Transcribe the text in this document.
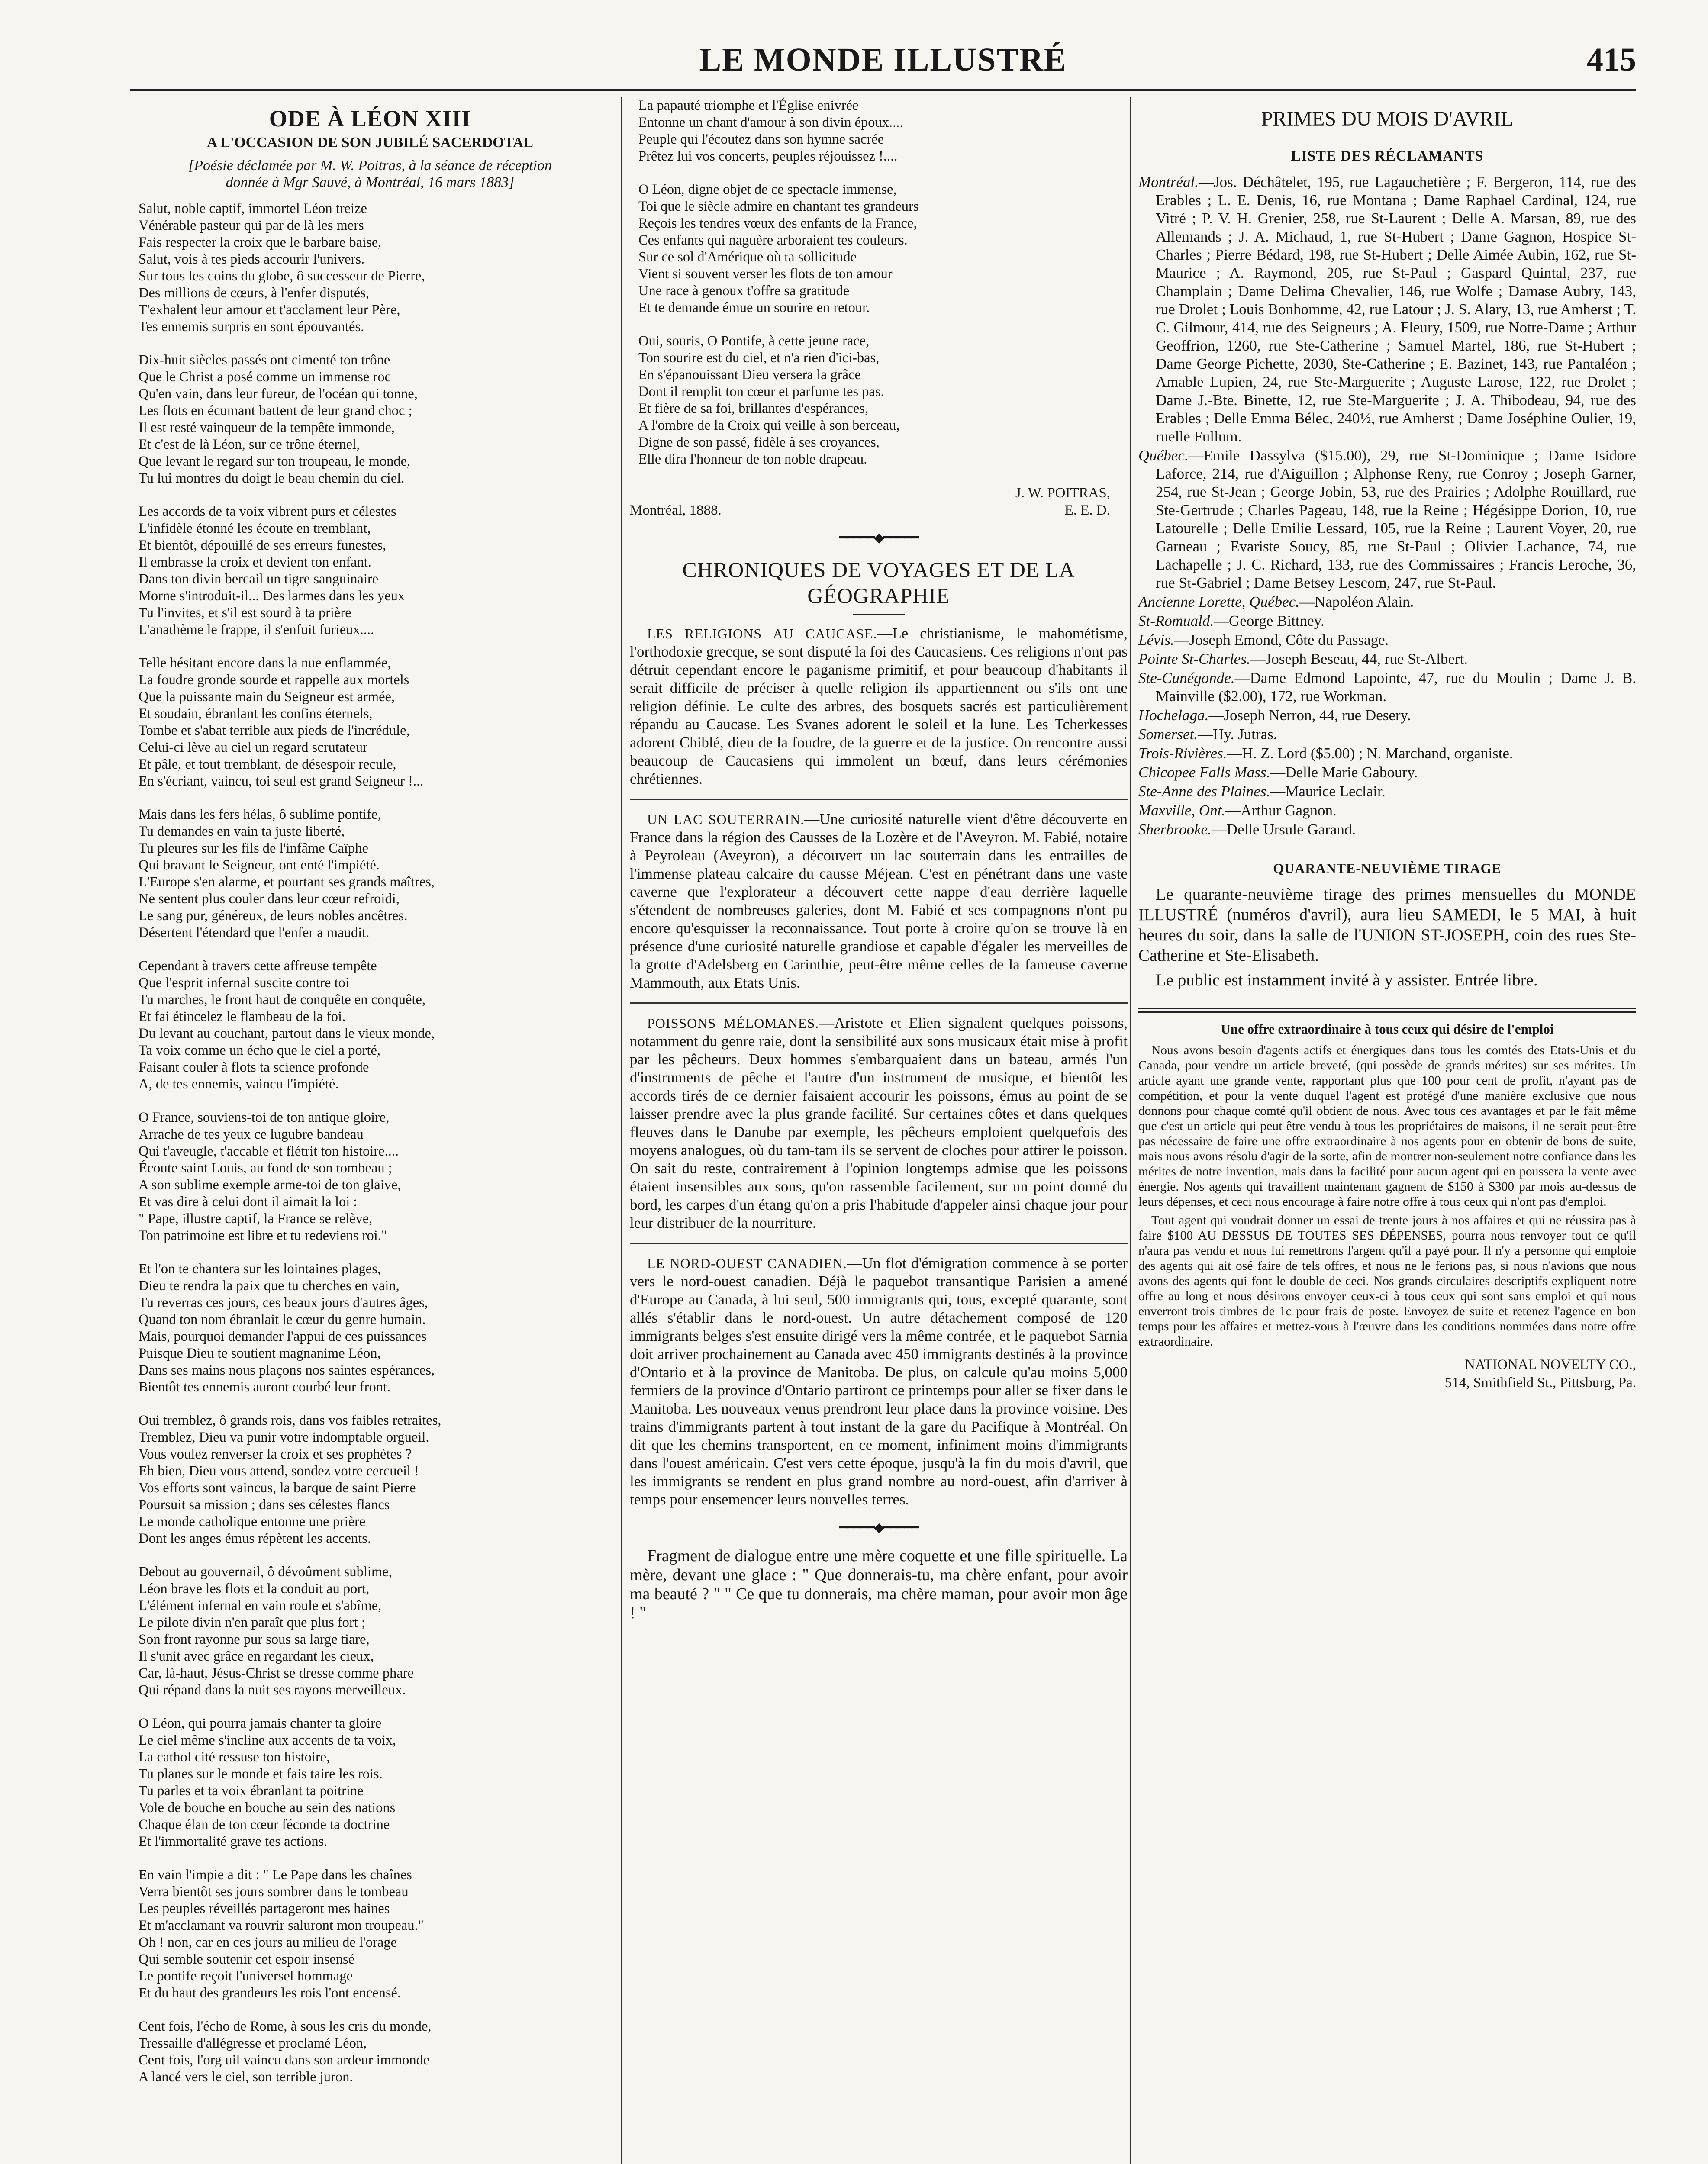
LE MONDE ILLUSTRÉ	415
ODE À LÉON XIII
A L'OCCASION DE SON JUBILÉ SACERDOTAL
[Poésie déclamée par M. W. Poitras, à la séance de réception
donnée à Mgr Sauvé, à Montréal, 16 mars 1883]
Salut, noble captif, immortel Léon treize
Vénérable pasteur qui par de là les mers
Fais respecter la croix que le barbare baise,
Salut, vois à tes pieds accourir l'univers.
Sur tous les coins du globe, ô successeur de Pierre,
Des millions de cœurs, à l'enfer disputés,
T'exhalent leur amour et t'acclament leur Père,
Tes ennemis surpris en sont épouvantés.
Dix-huit siècles passés ont cimenté ton trône
Que le Christ a posé comme un immense roc
Qu'en vain, dans leur fureur, de l'océan qui tonne,
Les flots en écumant battent de leur grand choc ;
Il est resté vainqueur de la tempête immonde,
Et c'est de là Léon, sur ce trône éternel,
Que levant le regard sur ton troupeau, le monde,
Tu lui montres du doigt le beau chemin du ciel.
Les accords de ta voix vibrent purs et célestes
L'infidèle étonné les écoute en tremblant,
Et bientôt, dépouillé de ses erreurs funestes,
Il embrasse la croix et devient ton enfant.
Dans ton divin bercail un tigre sanguinaire
Morne s'introduit-il... Des larmes dans les yeux
Tu l'invites, et s'il est sourd à ta prière
L'anathème le frappe, il s'enfuit furieux....
Telle hésitant encore dans la nue enflammée,
La foudre gronde sourde et rappelle aux mortels
Que la puissante main du Seigneur est armée,
Et soudain, ébranlant les confins éternels,
Tombe et s'abat terrible aux pieds de l'incrédule,
Celui-ci lève au ciel un regard scrutateur
Et pâle, et tout tremblant, de désespoir recule,
En s'écriant, vaincu, toi seul est grand Seigneur !...
Mais dans les fers hélas, ô sublime pontife,
Tu demandes en vain ta juste liberté,
Tu pleures sur les fils de l'infâme Caïphe
Qui bravant le Seigneur, ont enté l'impiété.
L'Europe s'en alarme, et pourtant ses grands maîtres,
Ne sentent plus couler dans leur cœur refroidi,
Le sang pur, généreux, de leurs nobles ancêtres.
Désertent l'étendard que l'enfer a maudit.
Cependant à travers cette affreuse tempête
Que l'esprit infernal suscite contre toi
Tu marches, le front haut de conquête en conquête,
Et fai étincelez le flambeau de la foi.
Du levant au couchant, partout dans le vieux monde,
Ta voix comme un écho que le ciel a porté,
Faisant couler à flots ta science profonde
A, de tes ennemis, vaincu l'impiété.
O France, souviens-toi de ton antique gloire,
Arrache de tes yeux ce lugubre bandeau
Qui t'aveugle, t'accable et flétrit ton histoire....
Écoute saint Louis, au fond de son tombeau ;
A son sublime exemple arme-toi de ton glaive,
Et vas dire à celui dont il aimait la loi :
" Pape, illustre captif, la France se relève,
Ton patrimoine est libre et tu redeviens roi."
Et l'on te chantera sur les lointaines plages,
Dieu te rendra la paix que tu cherches en vain,
Tu reverras ces jours, ces beaux jours d'autres âges,
Quand ton nom ébranlait le cœur du genre humain.
Mais, pourquoi demander l'appui de ces puissances
Puisque Dieu te soutient magnanime Léon,
Dans ses mains nous plaçons nos saintes espérances,
Bientôt tes ennemis auront courbé leur front.
Oui tremblez, ô grands rois, dans vos faibles retraites,
Tremblez, Dieu va punir votre indomptable orgueil.
Vous voulez renverser la croix et ses prophètes ?
Eh bien, Dieu vous attend, sondez votre cercueil !
Vos efforts sont vaincus, la barque de saint Pierre
Poursuit sa mission ; dans ses célestes flancs
Le monde catholique entonne une prière
Dont les anges émus répètent les accents.
Debout au gouvernail, ô dévoûment sublime,
Léon brave les flots et la conduit au port,
L'élément infernal en vain roule et s'abîme,
Le pilote divin n'en paraît que plus fort ;
Son front rayonne pur sous sa large tiare,
Il s'unit avec grâce en regardant les cieux,
Car, là-haut, Jésus-Christ se dresse comme phare
Qui répand dans la nuit ses rayons merveilleux.
O Léon, qui pourra jamais chanter ta gloire
Le ciel même s'incline aux accents de ta voix,
La cathol cité ressuse ton histoire,
Tu planes sur le monde et fais taire les rois.
Tu parles et ta voix ébranlant ta poitrine
Vole de bouche en bouche au sein des nations
Chaque élan de ton cœur féconde ta doctrine
Et l'immortalité grave tes actions.
En vain l'impie a dit : " Le Pape dans les chaînes
Verra bientôt ses jours sombrer dans le tombeau
Les peuples réveillés partageront mes haines
Et m'acclamant va rouvrir saluront mon troupeau."
Oh ! non, car en ces jours au milieu de l'orage
Qui semble soutenir cet espoir insensé
Le pontife reçoit l'universel hommage
Et du haut des grandeurs les rois l'ont encensé.
Cent fois, l'écho de Rome, à sous les cris du monde,
Tressaille d'allégresse et proclamé Léon,
Cent fois, l'org uil vaincu dans son ardeur immonde
A lancé vers le ciel, son terrible juron.
La papauté triomphe et l'Église enivrée
Entonne un chant d'amour à son divin époux....
Peuple qui l'écoutez dans son hymne sacrée
Prêtez lui vos concerts, peuples réjouissez !....
O Léon, digne objet de ce spectacle immense,
Toi que le siècle admire en chantant tes grandeurs
Reçois les tendres vœux des enfants de la France,
Ces enfants qui naguère arboraient tes couleurs.
Sur ce sol d'Amérique où ta sollicitude
Vient si souvent verser les flots de ton amour
Une race à genoux t'offre sa gratitude
Et te demande émue un sourire en retour.
Oui, souris, O Pontife, à cette jeune race,
Ton sourire est du ciel, et n'a rien d'ici-bas,
En s'épanouissant Dieu versera la grâce
Dont il remplit ton cœur et parfume tes pas.
Et fière de sa foi, brillantes d'espérances,
A l'ombre de la Croix qui veille à son berceau,
Digne de son passé, fidèle à ses croyances,
Elle dira l'honneur de ton noble drapeau.
J. W. POITRAS,
Montréal, 1888.	E. E. D.
━━━━━◆━━━━━
CHRONIQUES DE VOYAGES ET DE LA GÉOGRAPHIE
LES RELIGIONS AU CAUCASE.—Le christianisme, le mahométisme, l'orthodoxie grecque, se sont disputé la foi des Caucasiens. Ces religions n'ont pas détruit cependant encore le paganisme primitif, et pour beaucoup d'habitants il serait difficile de préciser à quelle religion ils appartiennent ou s'ils ont une religion définie. Le culte des arbres, des bosquets sacrés est particulièrement répandu au Caucase. Les Svanes adorent le soleil et la lune. Les Tcherkesses adorent Chiblé, dieu de la foudre, de la guerre et de la justice. On rencontre aussi beaucoup de Caucasiens qui immolent un bœuf, dans leurs cérémonies chrétiennes.
UN LAC SOUTERRAIN.—Une curiosité naturelle vient d'être découverte en France dans la région des Causses de la Lozère et de l'Aveyron. M. Fabié, notaire à Peyroleau (Aveyron), a découvert un lac souterrain dans les entrailles de l'immense plateau calcaire du causse Méjean. C'est en pénétrant dans une vaste caverne que l'explorateur a découvert cette nappe d'eau derrière laquelle s'étendent de nombreuses galeries, dont M. Fabié et ses compagnons n'ont pu encore qu'esquisser la reconnaissance. Tout porte à croire qu'on se trouve là en présence d'une curiosité naturelle grandiose et capable d'égaler les merveilles de la grotte d'Adelsberg en Carinthie, peut-être même celles de la fameuse caverne Mammouth, aux Etats Unis.
POISSONS MÉLOMANES.—Aristote et Elien signalent quelques poissons, notamment du genre raie, dont la sensibilité aux sons musicaux était mise à profit par les pêcheurs. Deux hommes s'embarquaient dans un bateau, armés l'un d'instruments de pêche et l'autre d'un instrument de musique, et bientôt les accords tirés de ce dernier faisaient accourir les poissons, émus au point de se laisser prendre avec la plus grande facilité. Sur certaines côtes et dans quelques fleuves dans le Danube par exemple, les pêcheurs emploient quelquefois des moyens analogues, où du tam-tam ils se servent de cloches pour attirer le poisson. On sait du reste, contrairement à l'opinion longtemps admise que les poissons étaient insensibles aux sons, qu'on rassemble facilement, sur un point donné du bord, les carpes d'un étang qu'on a pris l'habitude d'appeler ainsi chaque jour pour leur distribuer de la nourriture.
LE NORD-OUEST CANADIEN.—Un flot d'émigration commence à se porter vers le nord-ouest canadien. Déjà le paquebot transantique Parisien a amené d'Europe au Canada, à lui seul, 500 immigrants qui, tous, excepté quarante, sont allés s'établir dans le nord-ouest. Un autre détachement composé de 120 immigrants belges s'est ensuite dirigé vers la même contrée, et le paquebot Sarnia doit arriver prochainement au Canada avec 450 immigrants destinés à la province d'Ontario et à la province de Manitoba. De plus, on calcule qu'au moins 5,000 fermiers de la province d'Ontario partiront ce printemps pour aller se fixer dans le Manitoba. Les nouveaux venus prendront leur place dans la province voisine. Des trains d'immigrants partent à tout instant de la gare du Pacifique à Montréal. On dit que les chemins transportent, en ce moment, infiniment moins d'immigrants dans l'ouest américain. C'est vers cette époque, jusqu'à la fin du mois d'avril, que les immigrants se rendent en plus grand nombre au nord-ouest, afin d'arriver à temps pour ensemencer leurs nouvelles terres.
━━━━━◆━━━━━
Fragment de dialogue entre une mère coquette et une fille spirituelle. La mère, devant une glace : " Que donnerais-tu, ma chère enfant, pour avoir ma beauté ? " " Ce que tu donnerais, ma chère maman, pour avoir mon âge ! "
PRIMES DU MOIS D'AVRIL
LISTE DES RÉCLAMANTS
Montréal.—Jos. Déchâtelet, 195, rue Lagauchetière ; F. Bergeron, 114, rue des Erables ; L. E. Denis, 16, rue Montana ; Dame Raphael Cardinal, 124, rue Vitré ; P. V. H. Grenier, 258, rue St-Laurent ; Delle A. Marsan, 89, rue des Allemands ; J. A. Michaud, 1, rue St-Hubert ; Dame Gagnon, Hospice St-Charles ; Pierre Bédard, 198, rue St-Hubert ; Delle Aimée Aubin, 162, rue St-Maurice ; A. Raymond, 205, rue St-Paul ; Gaspard Quintal, 237, rue Champlain ; Dame Delima Chevalier, 146, rue Wolfe ; Damase Aubry, 143, rue Drolet ; Louis Bonhomme, 42, rue Latour ; J. S. Alary, 13, rue Amherst ; T. C. Gilmour, 414, rue des Seigneurs ; A. Fleury, 1509, rue Notre-Dame ; Arthur Geoffrion, 1260, rue Ste-Catherine ; Samuel Martel, 186, rue St-Hubert ; Dame George Pichette, 2030, Ste-Catherine ; E. Bazinet, 143, rue Pantaléon ; Amable Lupien, 24, rue Ste-Marguerite ; Auguste Larose, 122, rue Drolet ; Dame J.-Bte. Binette, 12, rue Ste-Marguerite ; J. A. Thibodeau, 94, rue des Erables ; Delle Emma Bélec, 240½, rue Amherst ; Dame Joséphine Oulier, 19, ruelle Fullum.
Québec.—Emile Dassylva ($15.00), 29, rue St-Dominique ; Dame Isidore Laforce, 214, rue d'Aiguillon ; Alphonse Reny, rue Conroy ; Joseph Garner, 254, rue St-Jean ; George Jobin, 53, rue des Prairies ; Adolphe Rouillard, rue Ste-Gertrude ; Charles Pageau, 148, rue la Reine ; Hégésippe Dorion, 10, rue Latourelle ; Delle Emilie Lessard, 105, rue la Reine ; Laurent Voyer, 20, rue Garneau ; Evariste Soucy, 85, rue St-Paul ; Olivier Lachance, 74, rue Lachapelle ; J. C. Richard, 133, rue des Commissaires ; Francis Leroche, 36, rue St-Gabriel ; Dame Betsey Lescom, 247, rue St-Paul.
Ancienne Lorette, Québec.—Napoléon Alain.
St-Romuald.—George Bittney.
Lévis.—Joseph Emond, Côte du Passage.
Pointe St-Charles.—Joseph Beseau, 44, rue St-Albert.
Ste-Cunégonde.—Dame Edmond Lapointe, 47, rue du Moulin ; Dame J. B. Mainville ($2.00), 172, rue Workman.
Hochelaga.—Joseph Nerron, 44, rue Desery.
Somerset.—Hy. Jutras.
Trois-Rivières.—H. Z. Lord ($5.00) ; N. Marchand, organiste.
Chicopee Falls Mass.—Delle Marie Gaboury.
Ste-Anne des Plaines.—Maurice Leclair.
Maxville, Ont.—Arthur Gagnon.
Sherbrooke.—Delle Ursule Garand.
QUARANTE-NEUVIÈME TIRAGE
Le quarante-neuvième tirage des primes mensuelles du MONDE ILLUSTRÉ (numéros d'avril), aura lieu SAMEDI, le 5 MAI, à huit heures du soir, dans la salle de l'UNION ST-JOSEPH, coin des rues Ste-Catherine et Ste-Elisabeth.
Le public est instamment invité à y assister. Entrée libre.
Une offre extraordinaire à tous ceux qui désire de l'emploi
Nous avons besoin d'agents actifs et énergiques dans tous les comtés des Etats-Unis et du Canada, pour vendre un article breveté, (qui possède de grands mérites) sur ses mérites. Un article ayant une grande vente, rapportant plus que 100 pour cent de profit, n'ayant pas de compétition, et pour la vente duquel l'agent est protégé d'une manière exclusive que nous donnons pour chaque comté qu'il obtient de nous. Avec tous ces avantages et par le fait même que c'est un article qui peut être vendu à tous les propriétaires de maisons, il ne serait peut-être pas nécessaire de faire une offre extraordinaire à nos agents pour en obtenir de bons de suite, mais nous avons résolu d'agir de la sorte, afin de montrer non-seulement notre confiance dans les mérites de notre invention, mais dans la facilité pour aucun agent qui en poussera la vente avec énergie. Nos agents qui travaillent maintenant gagnent de $150 à $300 par mois au-dessus de leurs dépenses, et ceci nous encourage à faire notre offre à tous ceux qui n'ont pas d'emploi.
Tout agent qui voudrait donner un essai de trente jours à nos affaires et qui ne réussira pas à faire $100 AU DESSUS DE TOUTES SES DÉPENSES, pourra nous renvoyer tout ce qu'il n'aura pas vendu et nous lui remettrons l'argent qu'il a payé pour. Il n'y a personne qui emploie des agents qui ait osé faire de tels offres, et nous ne le ferions pas, si nous n'avions que nous avons des agents qui font le double de ceci. Nos grands circulaires descriptifs expliquent notre offre au long et nous désirons envoyer ceux-ci à tous ceux qui sont sans emploi et qui nous enverront trois timbres de 1c pour frais de poste. Envoyez de suite et retenez l'agence en bon temps pour les affaires et mettez-vous à l'œuvre dans les conditions nommées dans notre offre extraordinaire.
NATIONAL NOVELTY CO.,
514, Smithfield St., Pittsburg, Pa.
